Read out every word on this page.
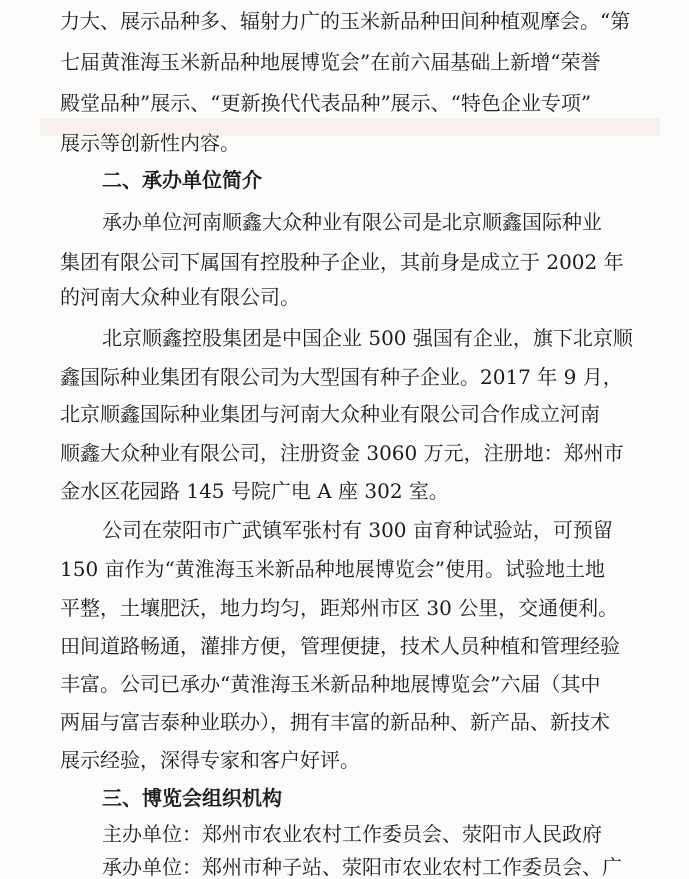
力大、展示品种多、辐射力广的玉米新品种田间种植观摩会。“第
七届黄淮海玉米新品种地展博览会”在前六届基础上新增“荣誉
殿堂品种”展示、“更新换代代表品种”展示、“特色企业专项”
展示等创新性内容。
二、承办单位简介
承办单位河南顺鑫大众种业有限公司是北京顺鑫国际种业
集团有限公司下属国有控股种子企业，其前身是成立于 2002 年
的河南大众种业有限公司。
北京顺鑫控股集团是中国企业 500 强国有企业，旗下北京顺
鑫国际种业集团有限公司为大型国有种子企业。2017 年 9 月，
北京顺鑫国际种业集团与河南大众种业有限公司合作成立河南
顺鑫大众种业有限公司，注册资金 3060 万元，注册地：郑州市
金水区花园路 145 号院广电 A 座 302 室。
公司在荥阳市广武镇军张村有 300 亩育种试验站，可预留
150 亩作为“黄淮海玉米新品种地展博览会”使用。试验地土地
平整，土壤肥沃，地力均匀，距郑州市区 30 公里，交通便利。
田间道路畅通，灌排方便，管理便捷，技术人员种植和管理经验
丰富。公司已承办“黄淮海玉米新品种地展博览会”六届（其中
两届与富吉泰种业联办），拥有丰富的新品种、新产品、新技术
展示经验，深得专家和客户好评。
三、博览会组织机构
主办单位：郑州市农业农村工作委员会、荥阳市人民政府
承办单位：郑州市种子站、荥阳市农业农村工作委员会、广
